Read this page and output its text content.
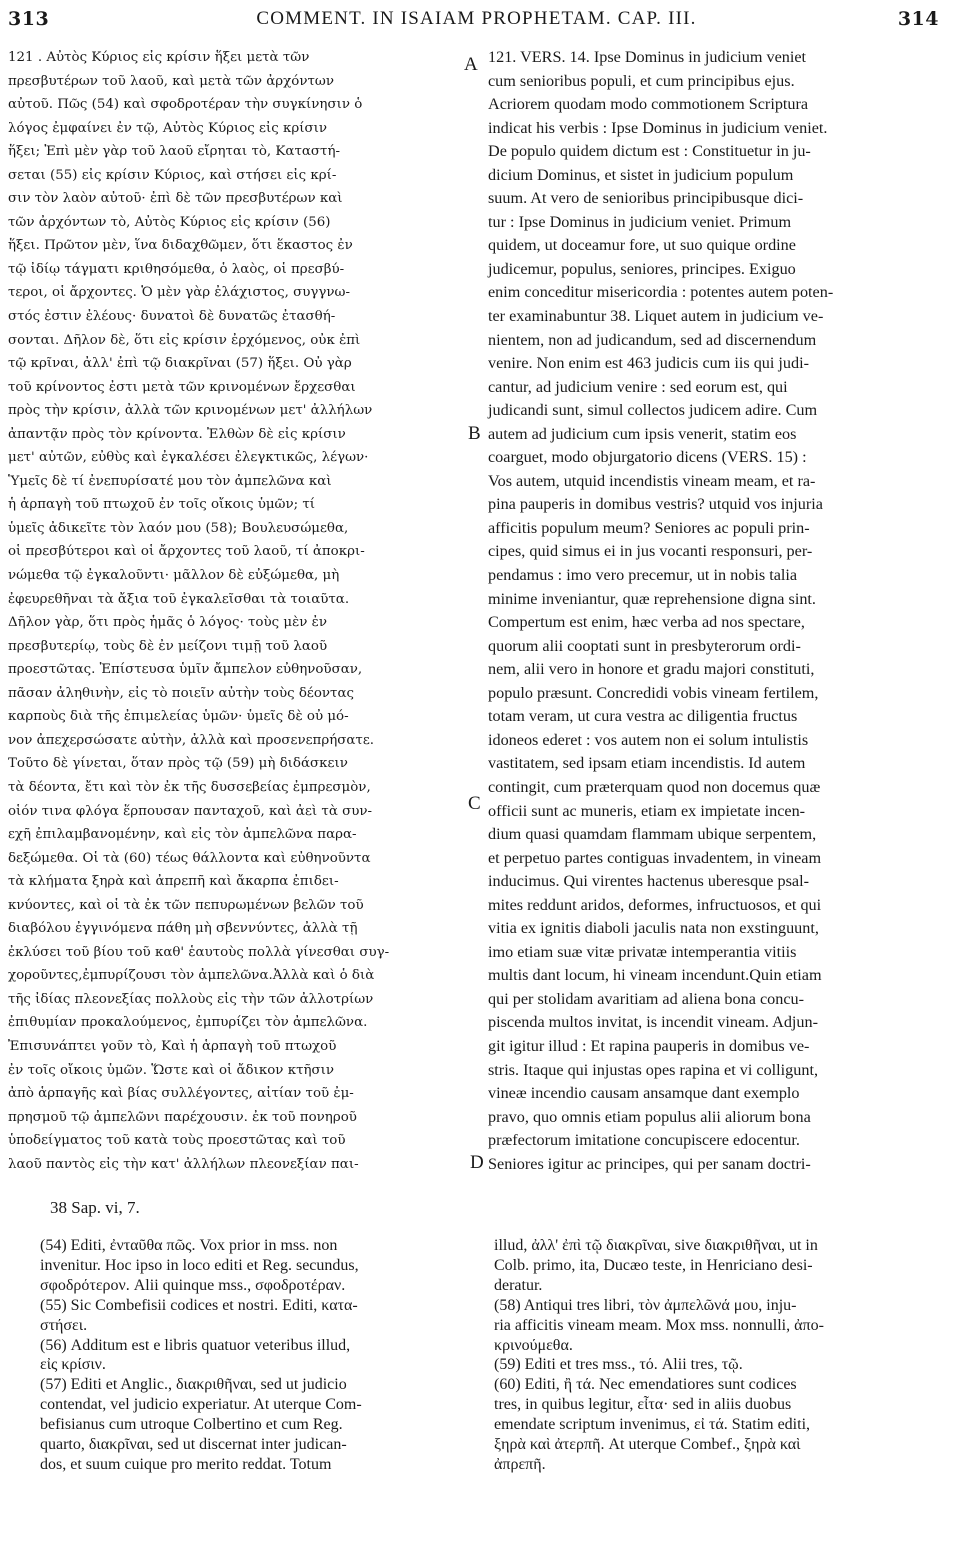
313	COMMENT. IN ISAIAM PROPHETAM. CAP. III.	314
121 . Αὐτὸς Κύριος εἰς κρίσιν ἥξει μετὰ τῶν
πρεσβυτέρων τοῦ λαοῦ, καὶ μετὰ τῶν ἀρχόντων
αὐτοῦ. Πῶς (54) καὶ σφοδροτέραν τὴν συγκίνησιν ὁ
λόγος ἐμφαίνει ἐν τῷ, Αὐτὸς Κύριος εἰς κρίσιν
ἥξει; Ἐπὶ μὲν γὰρ τοῦ λαοῦ εἴρηται τὸ, Καταστή-
σεται (55) εἰς κρίσιν Κύριος, καὶ στήσει εἰς κρί-
σιν τὸν λαὸν αὐτοῦ· ἐπὶ δὲ τῶν πρεσβυτέρων καὶ
τῶν ἀρχόντων τὸ, Αὐτὸς Κύριος εἰς κρίσιν (56)
ἥξει. Πρῶτον μὲν, ἵνα διδαχθῶμεν, ὅτι ἕκαστος ἐν
τῷ ἰδίῳ τάγματι κριθησόμεθα, ὁ λαὸς, οἱ πρεσβύ-
τεροι, οἱ ἄρχοντες. Ὁ μὲν γὰρ ἐλάχιστος, συγγνω-
στός ἐστιν ἐλέους· δυνατοὶ δὲ δυνατῶς ἐτασθή-
σονται. Δῆλον δὲ, ὅτι εἰς κρίσιν ἐρχόμενος, οὐκ ἐπὶ
τῷ κρῖναι, ἀλλ' ἐπὶ τῷ διακρῖναι (57) ἥξει. Οὐ γὰρ
τοῦ κρίνοντος ἐστι μετὰ τῶν κρινομένων ἔρχεσθαι
πρὸς τὴν κρίσιν, ἀλλὰ τῶν κρινομένων μετ' ἀλλήλων
ἀπαντᾷν πρὸς τὸν κρίνοντα. Ἐλθὼν δὲ εἰς κρίσιν
μετ' αὐτῶν, εὐθὺς καὶ ἐγκαλέσει ἐλεγκτικῶς, λέγων·
Ὑμεῖς δὲ τί ἐνεπυρίσατέ μου τὸν ἀμπελῶνα καὶ
ἡ ἁρπαγὴ τοῦ πτωχοῦ ἐν τοῖς οἴκοις ὑμῶν; τί
ὑμεῖς ἀδικεῖτε τὸν λαόν μου (58); Βουλευσώμεθα,
οἱ πρεσβύτεροι καὶ οἱ ἄρχοντες τοῦ λαοῦ, τί ἀποκρι-
νώμεθα τῷ ἐγκαλοῦντι· μᾶλλον δὲ εὐξώμεθα, μὴ
ἐφευρεθῆναι τὰ ἄξια τοῦ ἐγκαλεῖσθαι τὰ τοιαῦτα.
Δῆλον γὰρ, ὅτι πρὸς ἡμᾶς ὁ λόγος· τοὺς μὲν ἐν
πρεσβυτερίῳ, τοὺς δὲ ἐν μείζονι τιμῇ τοῦ λαοῦ
προεστῶτας. Ἐπίστευσα ὑμῖν ἄμπελον εὐθηνοῦσαν,
πᾶσαν ἀληθινὴν, εἰς τὸ ποιεῖν αὐτὴν τοὺς δέοντας
καρποὺς διὰ τῆς ἐπιμελείας ὑμῶν· ὑμεῖς δὲ οὐ μό-
νον ἀπεχερσώσατε αὐτὴν, ἀλλὰ καὶ προσενεπρήσατε.
Τοῦτο δὲ γίνεται, ὅταν πρὸς τῷ (59) μὴ διδάσκειν
τὰ δέοντα, ἔτι καὶ τὸν ἐκ τῆς δυσσεβείας ἐμπρεσμὸν,
οἱόν τινα φλόγα ἕρπουσαν πανταχοῦ, καὶ ἀεὶ τὰ συν-
εχῆ ἐπιλαμβανομένην, καὶ εἰς τὸν ἀμπελῶνα παρα-
δεξώμεθα. Οἱ τὰ (60) τέως θάλλοντα καὶ εὐθηνοῦντα
τὰ κλήματα ξηρὰ καὶ ἀπρεπῆ καὶ ἄκαρπα ἐπιδει-
κνύοντες, καὶ οἱ τὰ ἐκ τῶν πεπυρωμένων βελῶν τοῦ
διαβόλου ἐγγινόμενα πάθη μὴ σβεννύντες, ἀλλὰ τῇ
ἐκλύσει τοῦ βίου τοῦ καθ' ἑαυτοὺς πολλὰ γίνεσθαι συγ-
χοροῦντες,ἐμπυρίζουσι τὸν ἀμπελῶνα.Ἀλλὰ καὶ ὁ διὰ
τῆς ἰδίας πλεονεξίας πολλοὺς εἰς τὴν τῶν ἀλλοτρίων
ἐπιθυμίαν προκαλούμενος, ἐμπυρίζει τὸν ἀμπελῶνα.
Ἐπισυνάπτει γοῦν τὸ, Καὶ ἡ ἁρπαγὴ τοῦ πτωχοῦ
ἐν τοῖς οἴκοις ὑμῶν. Ὥστε καὶ οἱ ἄδικον κτῆσιν
ἀπὸ ἁρπαγῆς καὶ βίας συλλέγοντες, αἰτίαν τοῦ ἐμ-
πρησμοῦ τῷ ἀμπελῶνι παρέχουσιν. ἐκ τοῦ πονηροῦ
ὑποδείγματος τοῦ κατὰ τοὺς προεστῶτας καὶ τοῦ
λαοῦ παντὸς εἰς τὴν κατ' ἀλλήλων πλεονεξίαν παι-
121. VERS. 14. Ipse Dominus in judicium veniet
cum senioribus populi, et cum principibus ejus.
Acriorem quodam modo commotionem Scriptura
indicat his verbis : Ipse Dominus in judicium veniet.
De populo quidem dictum est : Constituetur in ju-
dicium Dominus, et sistet in judicium populum
suum. At vero de senioribus principibusque dici-
tur : Ipse Dominus in judicium veniet. Primum
quidem, ut doceamur fore, ut suo quique ordine
judicemur, populus, seniores, principes. Exiguo
enim conceditur misericordia : potentes autem poten-
ter examinabuntur 38. Liquet autem in judicium ve-
nientem, non ad judicandum, sed ad discernendum
venire. Non enim est 463 judicis cum iis qui judi-
cantur, ad judicium venire : sed eorum est, qui
judicandi sunt, simul collectos judicem adire. Cum
autem ad judicium cum ipsis venerit, statim eos
coarguet, modo objurgatorio dicens (VERS. 15) :
Vos autem, utquid incendistis vineam meam, et ra-
pina pauperis in domibus vestris? utquid vos injuria
afficitis populum meum? Seniores ac populi prin-
cipes, quid simus ei in jus vocanti responsuri, per-
pendamus : imo vero precemur, ut in nobis talia
minime inveniantur, quæ reprehensione digna sint.
Compertum est enim, hæc verba ad nos spectare,
quorum alii cooptati sunt in presbyterorum ordi-
nem, alii vero in honore et gradu majori constituti,
populo præsunt. Concredidi vobis vineam fertilem,
totam veram, ut cura vestra ac diligentia fructus
idoneos ederet : vos autem non ei solum intulistis
vastitatem, sed ipsam etiam incendistis. Id autem
contingit, cum præterquam quod non docemus quæ
officii sunt ac muneris, etiam ex impietate incen-
dium quasi quamdam flammam ubique serpentem,
et perpetuo partes contiguas invadentem, in vineam
inducimus. Qui virentes hactenus uberesque psal-
mites reddunt aridos, deformes, infructuosos, et qui
vitia ex ignitis diaboli jaculis nata non exstinguunt,
imo etiam suæ vitæ privatæ intemperantia vitiis
multis dant locum, hi vineam incendunt.Quin etiam
qui per stolidam avaritiam ad aliena bona concu-
piscenda multos invitat, is incendit vineam. Adjun-
git igitur illud : Et rapina pauperis in domibus ve-
stris. Itaque qui injustas opes rapina et vi colligunt,
vineæ incendio causam ansamque dant exemplo
pravo, quo omnis etiam populus alii aliorum bona
præfectorum imitatione concupiscere edocentur.
Seniores igitur ac principes, qui per sanam doctri-
A
B
C
D
38 Sap. vi, 7.
(54) Editi, ἐνταῦθα πῶς. Vox prior in mss. non
invenitur. Hoc ipso in loco editi et Reg. secundus,
σφοδρότερον. Alii quinque mss., σφοδροτέραν.
(55) Sic Combefisii codices et nostri. Editi, κατα-
στήσει.
(56) Additum est e libris quatuor veteribus illud,
εἰς κρίσιν.
(57) Editi et Anglic., διακριθῆναι, sed ut judicio
contendat, vel judicio experiatur. At uterque Com-
befisianus cum utroque Colbertino et cum Reg.
quarto, διακρῖναι, sed ut discernat inter judican-
dos, et suum cuique pro merito reddat. Totum
illud, ἀλλ' ἐπὶ τῷ διακρῖναι, sive διακριθῆναι, ut in
Colb. primo, ita, Ducæo teste, in Henriciano desi-
deratur.
(58) Antiqui tres libri, τὸν ἀμπελῶνά μου, inju-
ria afficitis vineam meam. Mox mss. nonnulli, ἀπο-
κρινούμεθα.
(59) Editi et tres mss., τό. Alii tres, τῷ.
(60) Editi, ἢ τά. Nec emendatiores sunt codices
tres, in quibus legitur, εἶτα· sed in aliis duobus
emendate scriptum invenimus, εἰ τά. Statim editi,
ξηρὰ καὶ ἀτερπῆ. At uterque Combef., ξηρὰ καὶ
ἀπρεπῆ.
